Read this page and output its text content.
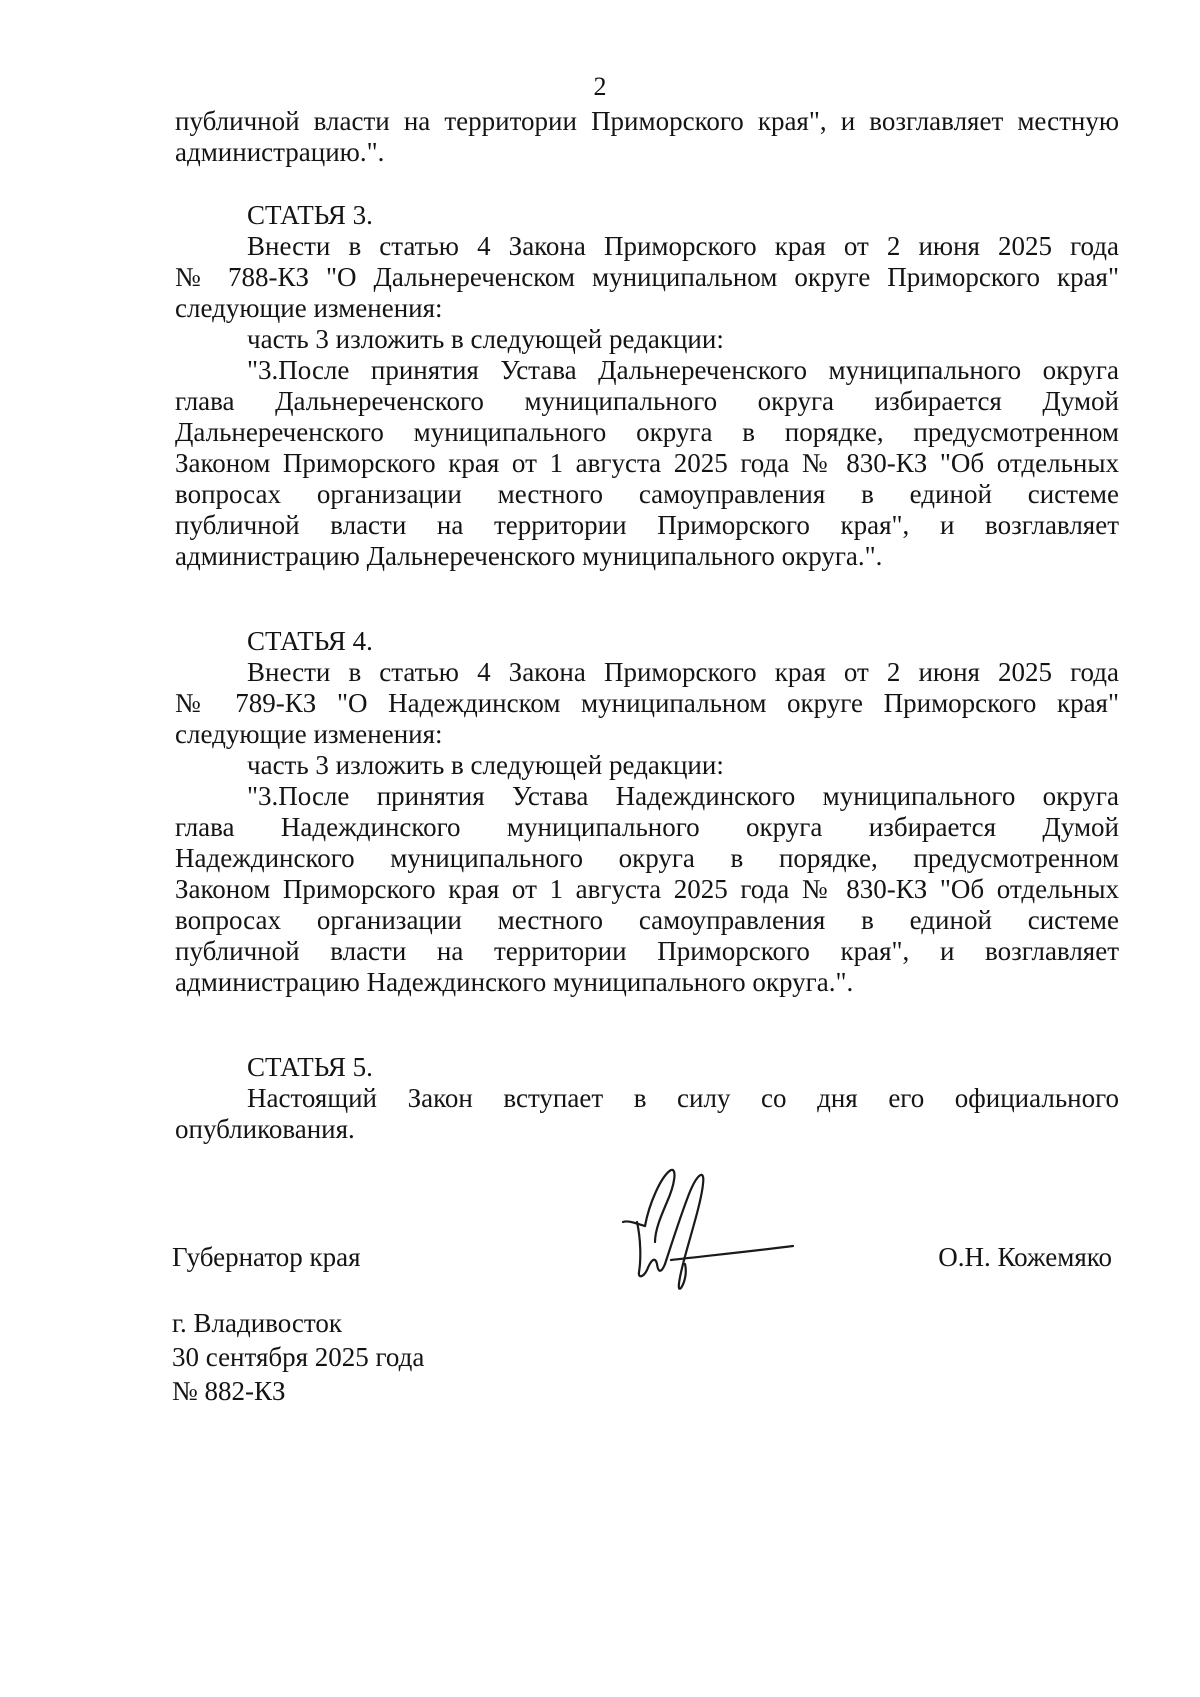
2
публичной власти на территории Приморского края", и возглавляет местную
администрацию.".
СТАТЬЯ 3.
Внести в статью 4 Закона Приморского края от 2 июня 2025 года
№ 788-КЗ "О Дальнереченском муниципальном округе Приморского края"
следующие изменения:
часть 3 изложить в следующей редакции:
"3.После принятия Устава Дальнереченского муниципального округа
глава Дальнереченского муниципального округа избирается Думой
Дальнереченского муниципального округа в порядке, предусмотренном
Законом Приморского края от 1 августа 2025 года № 830-КЗ "Об отдельных
вопросах организации местного самоуправления в единой системе
публичной власти на территории Приморского края", и возглавляет
администрацию Дальнереченского муниципального округа.".
СТАТЬЯ 4.
Внести в статью 4 Закона Приморского края от 2 июня 2025 года
№ 789-КЗ "О Надеждинском муниципальном округе Приморского края"
следующие изменения:
часть 3 изложить в следующей редакции:
"3.После принятия Устава Надеждинского муниципального округа
глава Надеждинского муниципального округа избирается Думой
Надеждинского муниципального округа в порядке, предусмотренном
Законом Приморского края от 1 августа 2025 года № 830-КЗ "Об отдельных
вопросах организации местного самоуправления в единой системе
публичной власти на территории Приморского края", и возглавляет
администрацию Надеждинского муниципального округа.".
СТАТЬЯ 5.
Настоящий Закон вступает в силу со дня его официального
опубликования.
Губернатор края	О.Н. Кожемяко
г. Владивосток
30 сентября 2025 года
№ 882-КЗ
